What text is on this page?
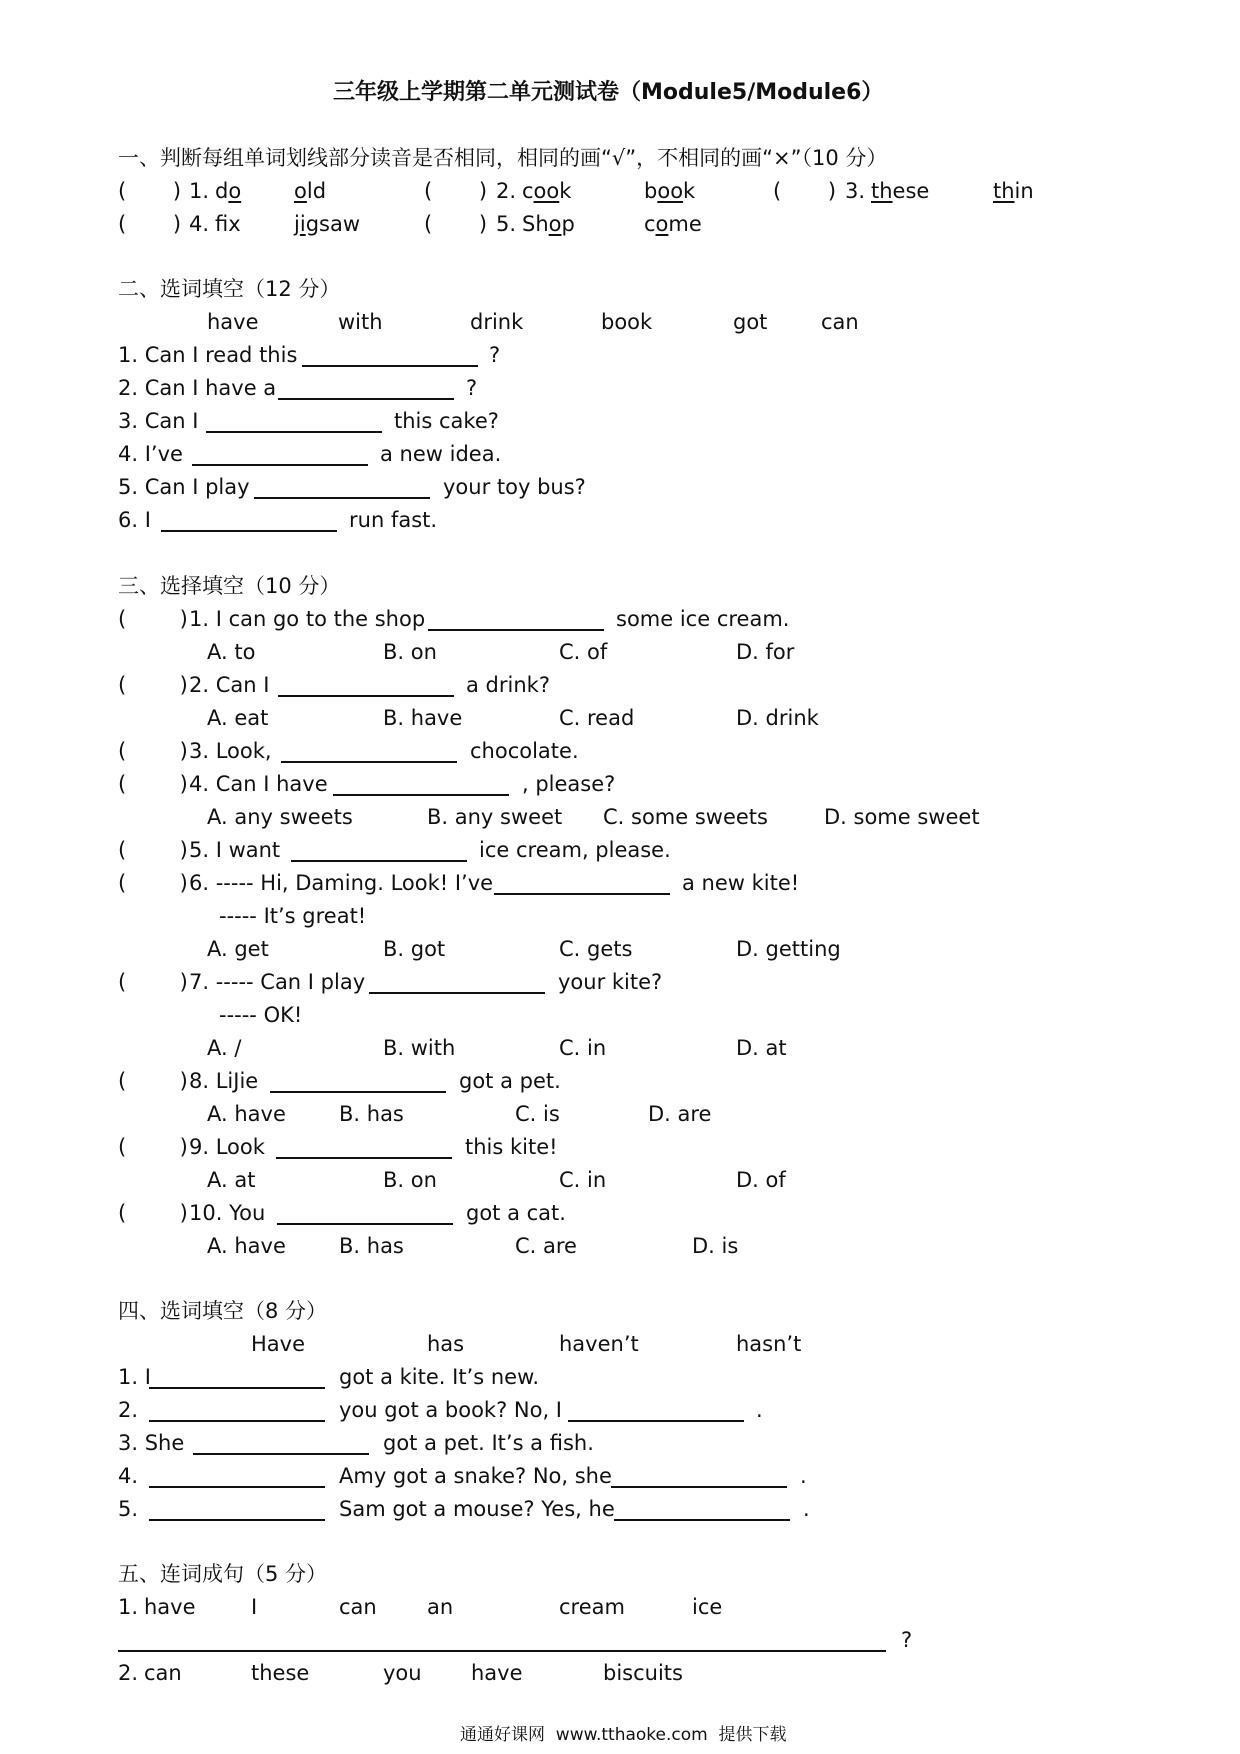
三年级上学期第二单元测试卷（Module5/Module6）
一、判断每组单词划线部分读音是否相同，相同的画“√”，不相同的画“×”（10 分）
(       ) 1. do	old	(       ) 2. cook	book	(       ) 3. these	thin
(       ) 4. fx	jigsaw	(       ) 5. Shop	come
二、选词填空（12 分）
have	with	drink	book	got	can
1. Can I read this	?
2. Can I have a	?
3. Can I	this cake?
4. I’ve	a new idea.
5. Can I play	your toy bus?
6. I	run fast.
三、选择填空（10 分）
(        ) 1. I can go to the shop	some ice cream.
A. to	B. on	C. of	D. for
(        ) 2. Can I	a drink?
A. eat	B. have	C. read	D. drink
(        ) 3. Look,	chocolate.
(        ) 4. Can I have	, please?
A. any sweets	B. any sweet C. some sweets	D. some sweet
(        ) 5. I want	ice cream, please.
(        ) 6. ----- Hi, Daming. Look! I’ve	a new kite!
----- It’s great!
A. get	B. got	C. gets	D. getting
(        ) 7. ----- Can I play	your kite?
----- OK!
A. /	B. with	C. in	D. at
(        ) 8. LiJie	got a pet.
A. have	B. has	C. is	D. are
(        ) 9. Look	this kite!
A. at	B. on	C. in	D. of
(        ) 10. You	got a cat.
A. have	B. has	C. are	D. is
四、选词填空（8 分）
Have	has	haven’t	hasn’t
1. I	got a kite. It’s new.
2.	you got a book? No, I	.
3. She	got a pet. It’s a fish.
4.	Amy got a snake? No, she	.
5.	Sam got a mouse? Yes, he	.
五、连词成句（5 分）
1. have	I	can an	cream	ice
?
2. can	these	you have	biscuits
通通好课网  www.tthaoke.com  提供下载
